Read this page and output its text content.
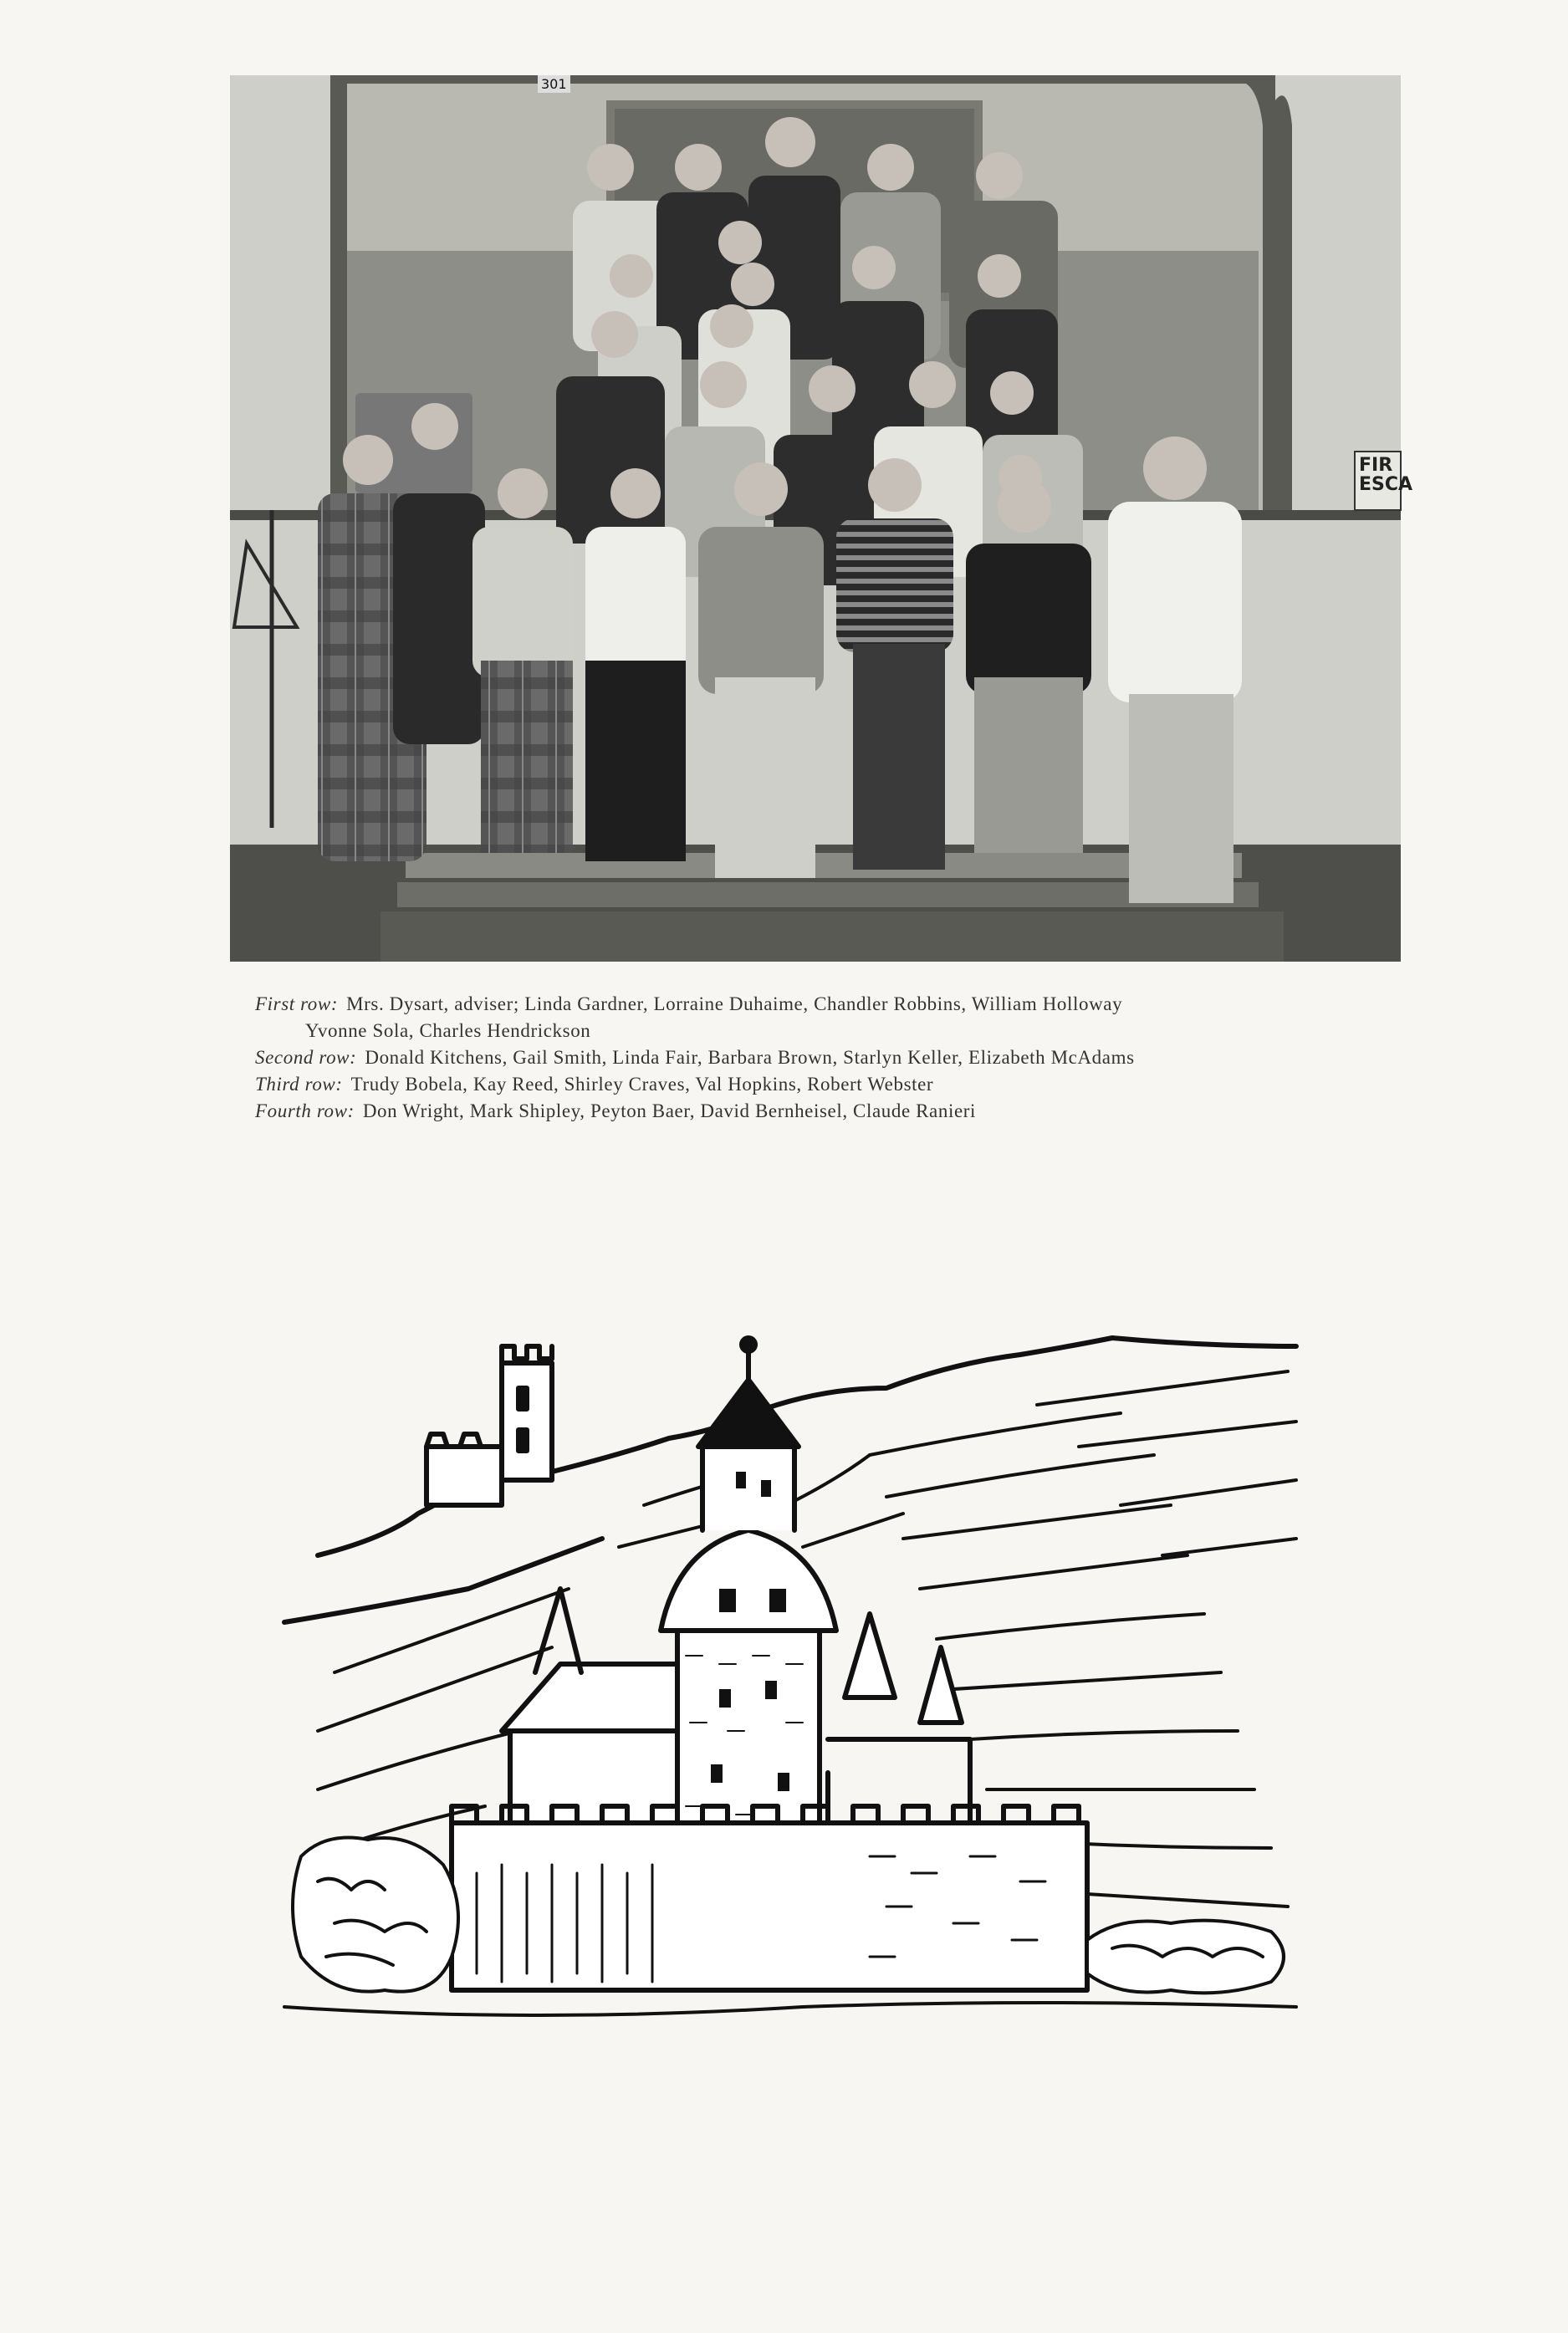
301
FIR
ESCA
First row: Mrs. Dysart, adviser; Linda Gardner, Lorraine Duhaime, Chandler Robbins, William Holloway
Yvonne Sola, Charles Hendrickson
Second row: Donald Kitchens, Gail Smith, Linda Fair, Barbara Brown, Starlyn Keller, Elizabeth McAdams
Third row: Trudy Bobela, Kay Reed, Shirley Craves, Val Hopkins, Robert Webster
Fourth row: Don Wright, Mark Shipley, Peyton Baer, David Bernheisel, Claude Ranieri
